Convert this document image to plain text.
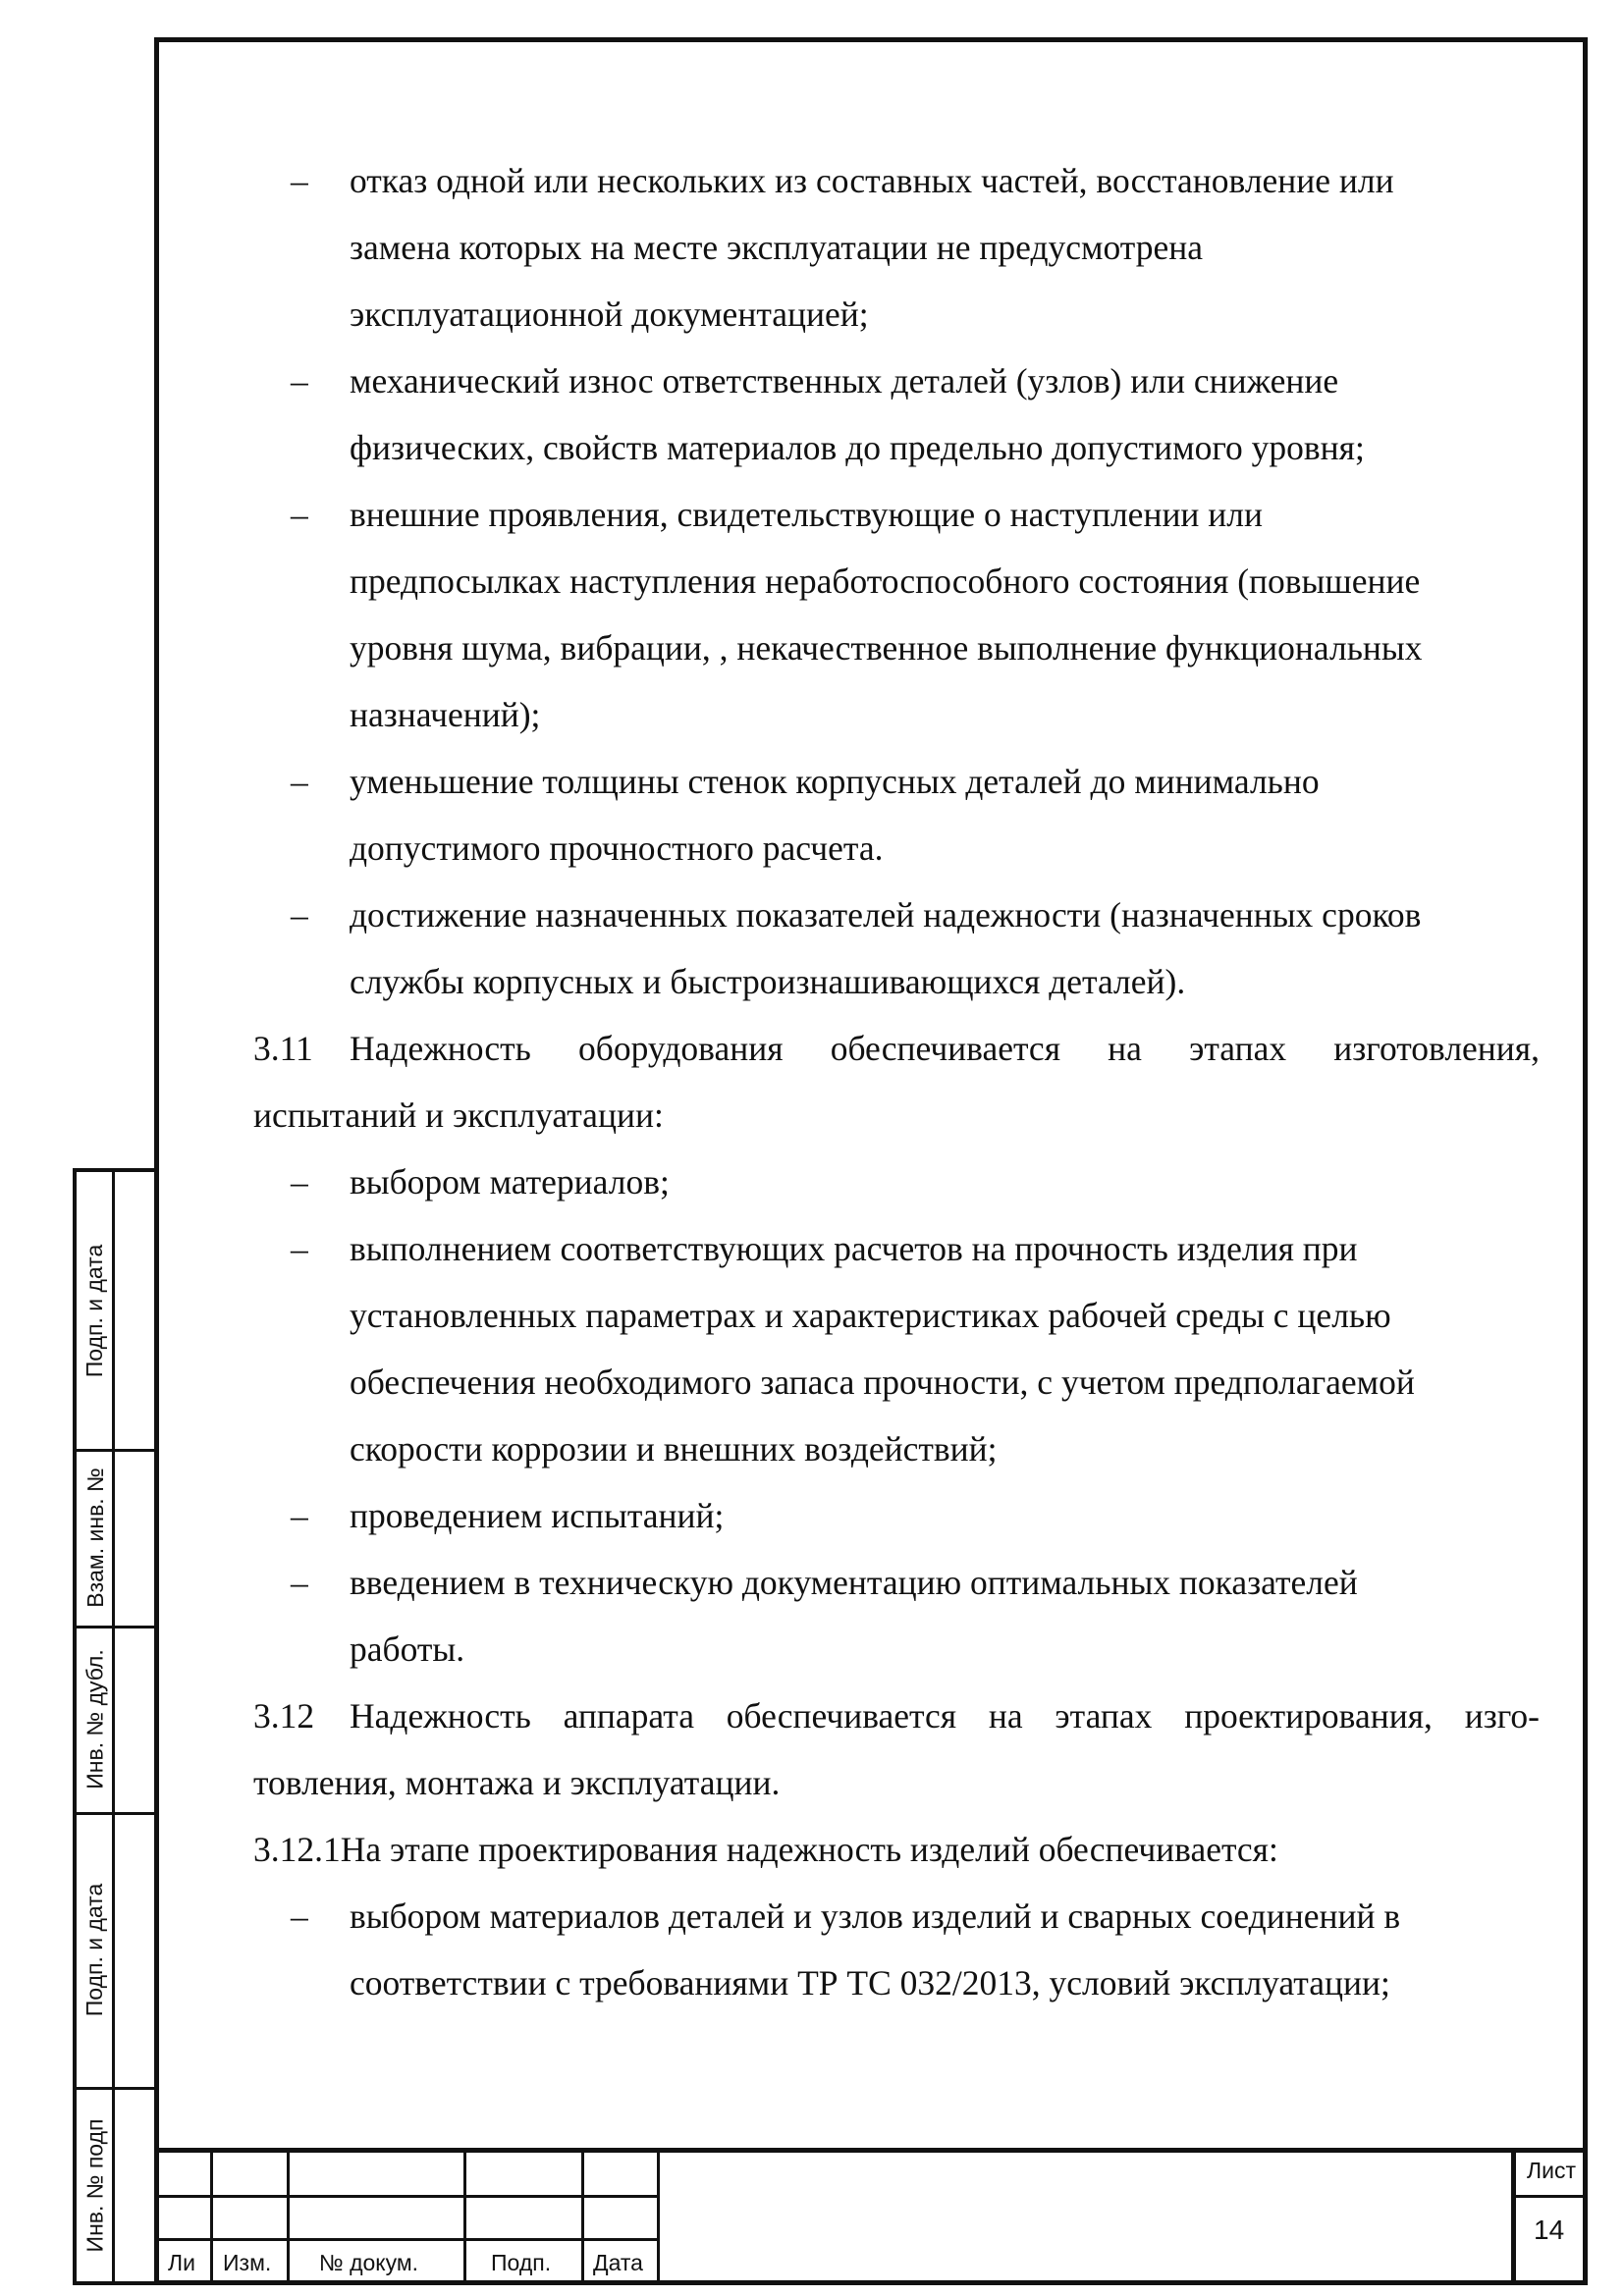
Подп. и дата
Взам. инв. №
Инв. № дубл.
Подп. и дата
Инв. № подп
– отказ одной или нескольких из составных частей, восстановление или
замена которых на месте эксплуатации не предусмотрена
эксплуатационной документацией;
– механический износ ответственных деталей (узлов) или снижение
физических, свойств материалов до предельно допустимого уровня;
– внешние проявления, свидетельствующие о наступлении или
предпосылках наступления неработоспособного состояния (повышение
уровня шума, вибрации, , некачественное выполнение функциональных
назначений);
– уменьшение толщины стенок корпусных деталей до минимально
допустимого прочностного расчета.
– достижение назначенных показателей надежности (назначенных сроков
службы корпусных и быстроизнашивающихся деталей).
3.11 Надежность оборудования обеспечивается на этапах изготовления,
испытаний и эксплуатации:
– выбором материалов;
– выполнением соответствующих расчетов на прочность изделия при
установленных параметрах и характеристиках рабочей среды с целью
обеспечения необходимого запаса прочности, с учетом предполагаемой
скорости коррозии и внешних воздействий;
– проведением испытаний;
– введением в техническую документацию оптимальных показателей
работы.
3.12 Надежность аппарата обеспечивается на этапах проектирования, изго-
товления, монтажа и эксплуатации.
3.12.1На этапе проектирования надежность изделий обеспечивается:
– выбором материалов деталей и узлов изделий и сварных соединений в
соответствии с требованиями ТР ТС 032/2013, условий эксплуатации;
Ли Изм. № докум.	Подп. Дата
Лист
14
